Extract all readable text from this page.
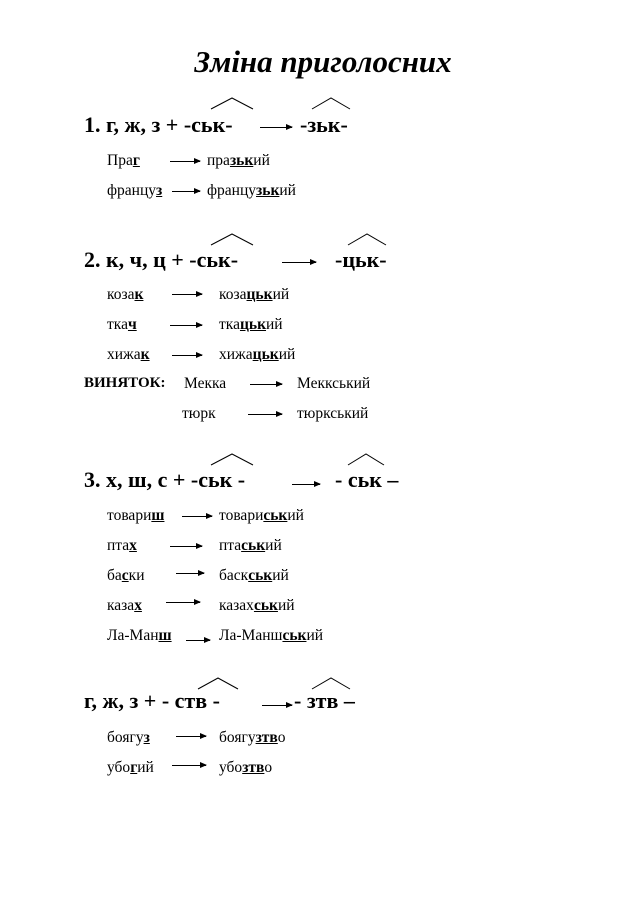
Зміна приголосних
1. г, ж, з + -ськ-	-зьк-
Праг	празький
француз	французький
2. к, ч, ц + -ськ-	-цьк-
козак	козацький
ткач	ткацький
хижак	хижацький
ВИНЯТОК: Мекка	Меккський
тюрк	тюркський
3. х, ш, с + -ськ -	- ськ –
товариш	товариський
птах	птаський
баски	баскський
казах	казахський
Ла-Манш	Ла-Маншський
г, ж, з + - ств -	- зтв –
боягуз	боягузтво
убогий	убозтво
